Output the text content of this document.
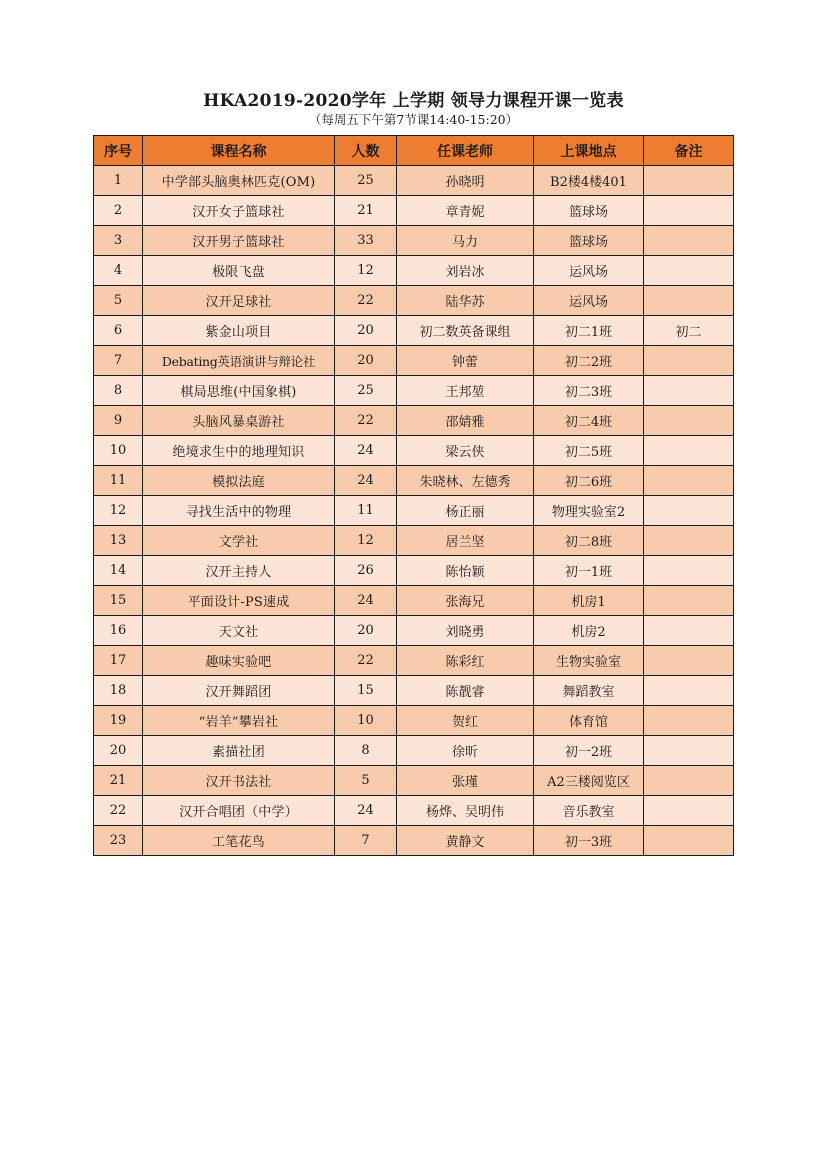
HKA2019-2020学年 上学期 领导力课程开课一览表
（每周五下午第7节课14:40-15:20）
序号	课程名称	人数	任课老师	上课地点	备注
1	中学部头脑奥林匹克(OM)	25	孙晓明	B2楼4楼401	
2	汉开女子篮球社	21	章青妮	篮球场	
3	汉开男子篮球社	33	马力	篮球场	
4	极限飞盘	12	刘岩冰	运风场	
5	汉开足球社	22	陆华苏	运风场	
6	紫金山项目	20	初二数英备课组	初二1班	初二
7	Debating英语演讲与辩论社	20	钟蕾	初二2班	
8	棋局思维(中国象棋)	25	王邦堃	初二3班	
9	头脑风暴桌游社	22	邵婧雅	初二4班	
10	绝境求生中的地理知识	24	梁云侠	初二5班	
11	模拟法庭	24	朱晓林、左德秀	初二6班	
12	寻找生活中的物理	11	杨正丽	物理实验室2	
13	文学社	12	居兰坚	初二8班	
14	汉开主持人	26	陈怡颖	初一1班	
15	平面设计-PS速成	24	张海兄	机房1	
16	天文社	20	刘晓勇	机房2	
17	趣味实验吧	22	陈彩红	生物实验室	
18	汉开舞蹈团	15	陈靓睿	舞蹈教室	
19	“岩羊”攀岩社	10	贺红	体育馆	
20	素描社团	8	徐昕	初一2班	
21	汉开书法社	5	张瑾	A2三楼阅览区	
22	汉开合唱团（中学）	24	杨烨、吴明伟	音乐教室	
23	工笔花鸟	7	黄静文	初一3班	
